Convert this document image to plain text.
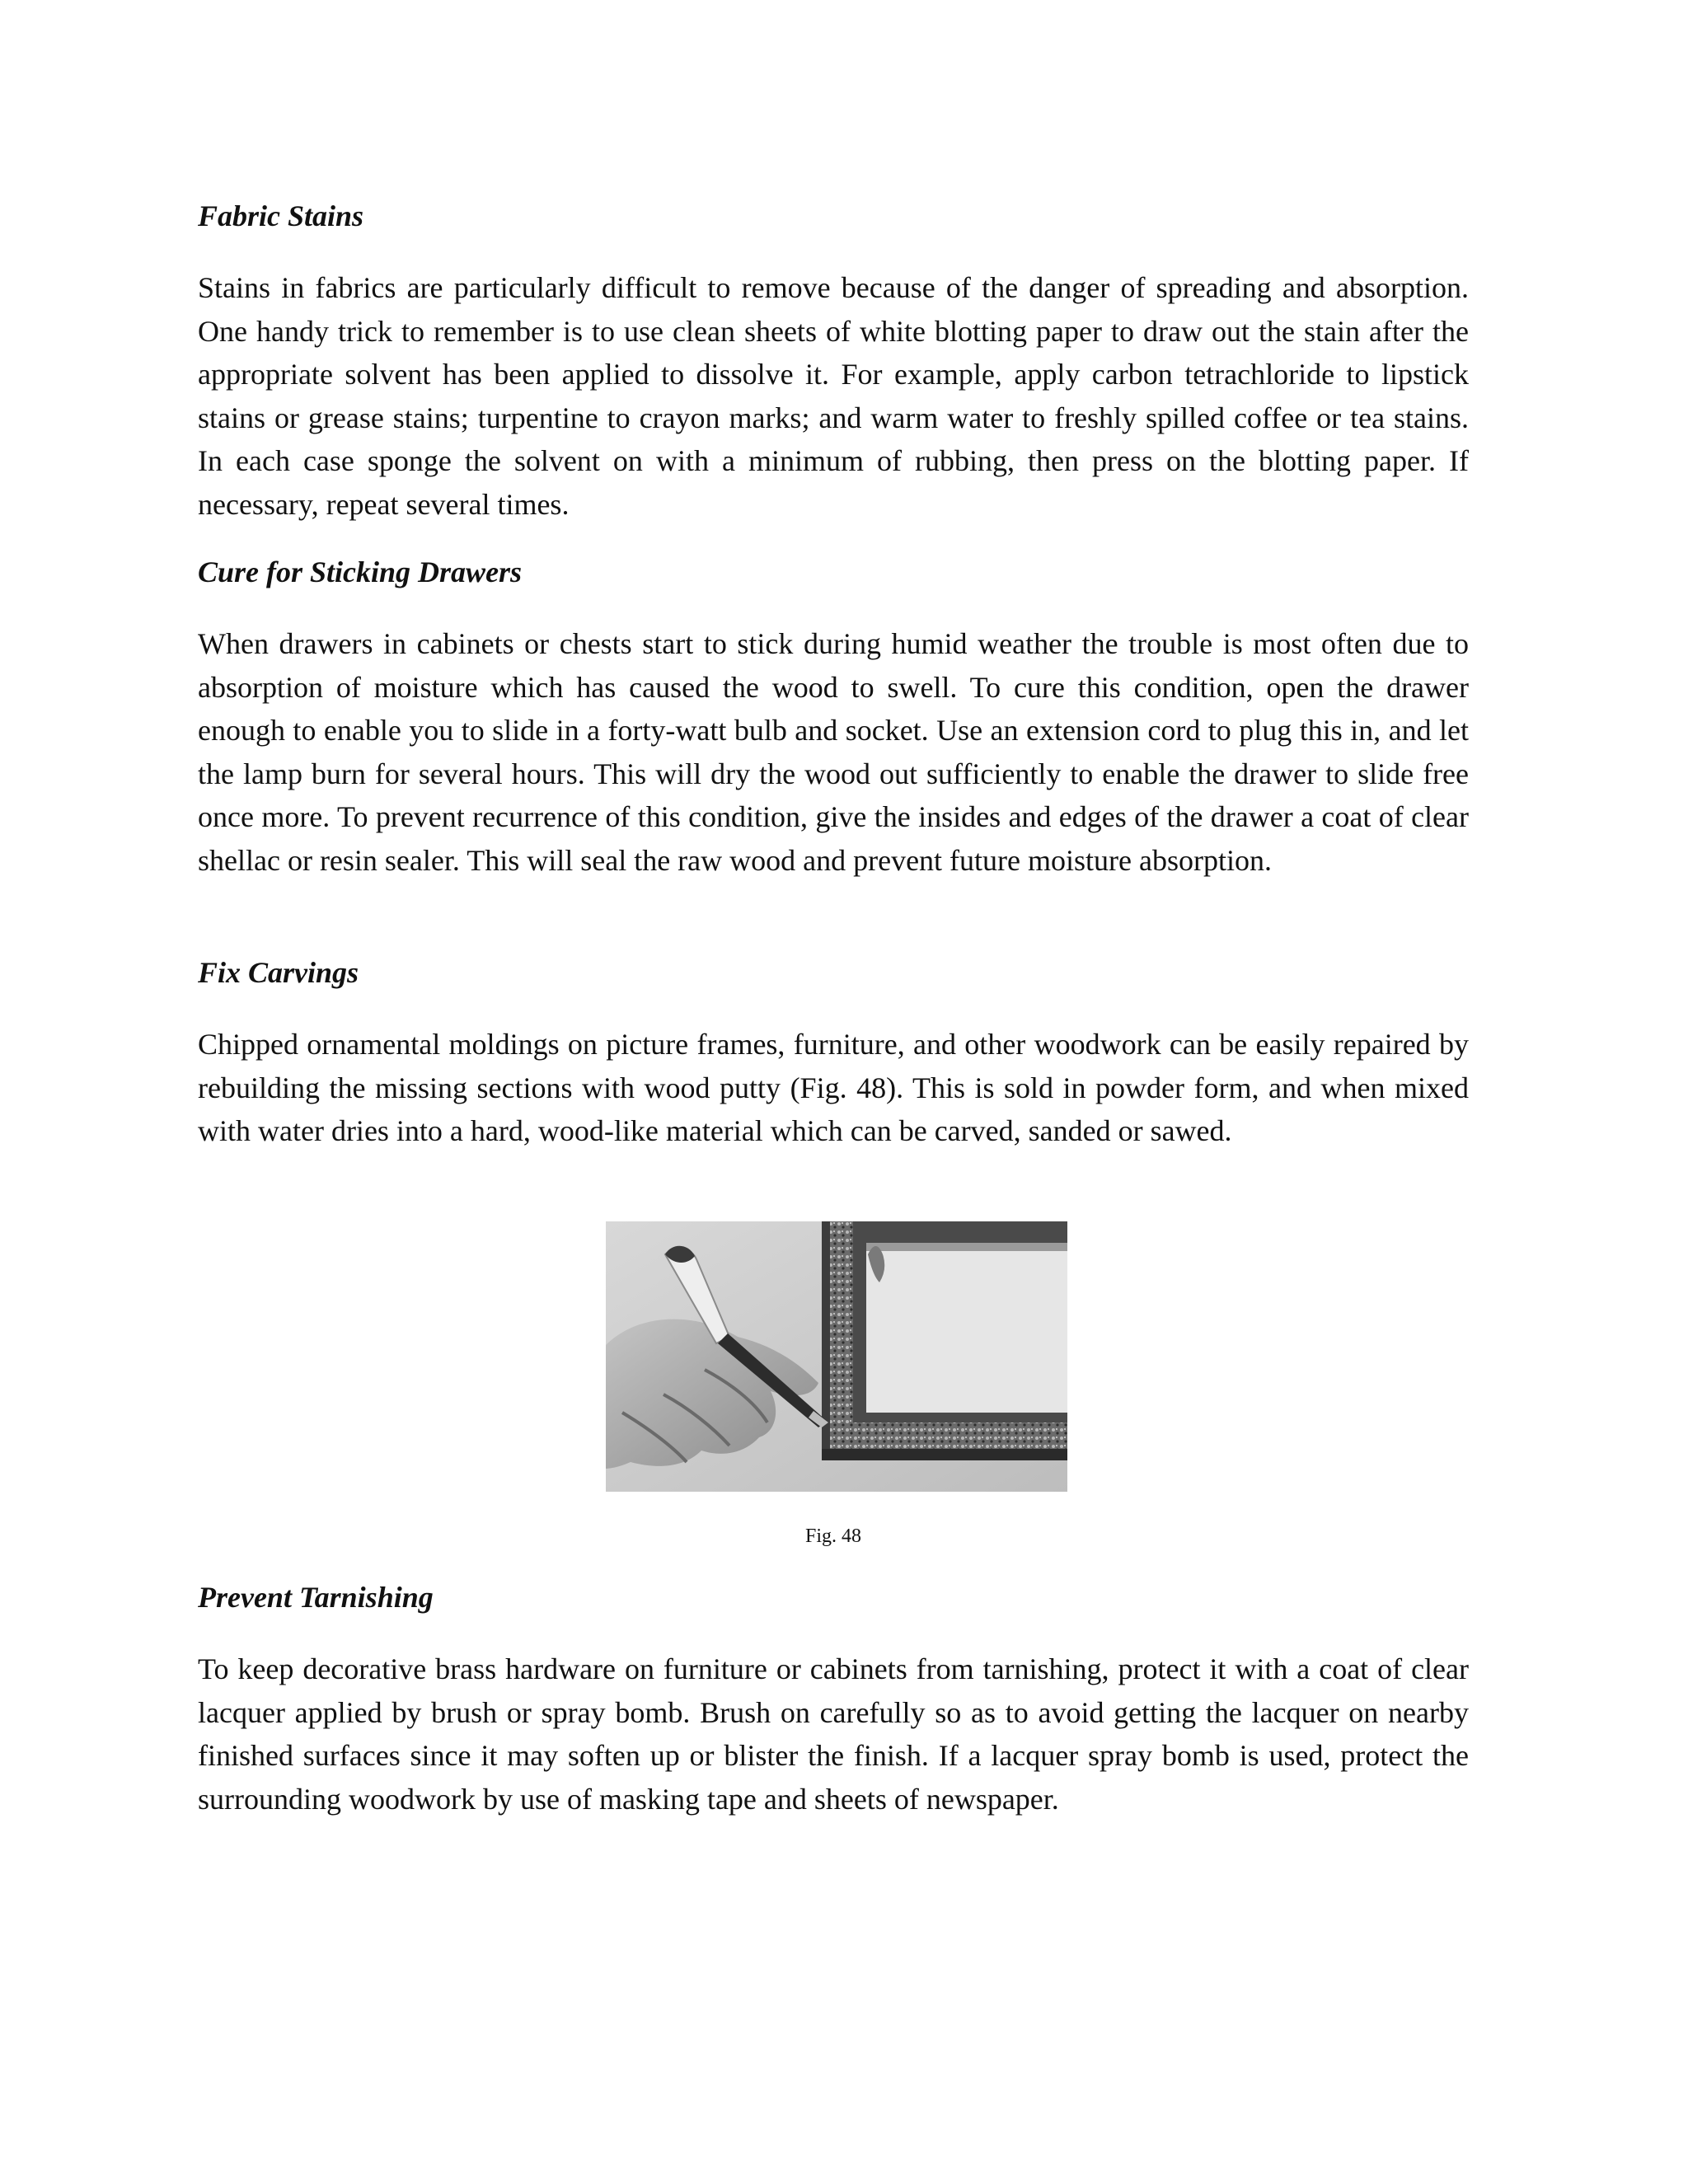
Fabric Stains

Stains in fabrics are particularly difficult to remove because of the danger of spreading and absorption. One handy trick to remember is to use clean sheets of white blotting paper to draw out the stain after the appropriate solvent has been applied to dissolve it. For example, apply carbon tetrachloride to lipstick stains or grease stains; turpentine to crayon marks; and warm water to freshly spilled coffee or tea stains. In each case sponge the solvent on with a minimum of rubbing, then press on the blotting paper. If necessary, repeat several times.

Cure for Sticking Drawers

When drawers in cabinets or chests start to stick during humid weather the trouble is most often due to absorption of moisture which has caused the wood to swell. To cure this condition, open the drawer enough to enable you to slide in a forty-watt bulb and socket. Use an extension cord to plug this in, and let the lamp burn for several hours. This will dry the wood out sufficiently to enable the drawer to slide free once more. To prevent recurrence of this condition, give the insides and edges of the drawer a coat of clear shellac or resin sealer. This will seal the raw wood and prevent future moisture absorption.

Fix Carvings

Chipped ornamental moldings on picture frames, furniture, and other woodwork can be easily repaired by rebuilding the missing sections with wood putty (Fig. 48). This is sold in powder form, and when mixed with water dries into a hard, wood-like material which can be carved, sanded or sawed.

Fig. 48
Prevent Tarnishing

To keep decorative brass hardware on furniture or cabinets from tarnishing, protect it with a coat of clear lacquer applied by brush or spray bomb. Brush on carefully so as to avoid getting the lacquer on nearby finished surfaces since it may soften up or blister the finish. If a lacquer spray bomb is used, protect the surrounding woodwork by use of masking tape and sheets of newspaper.
